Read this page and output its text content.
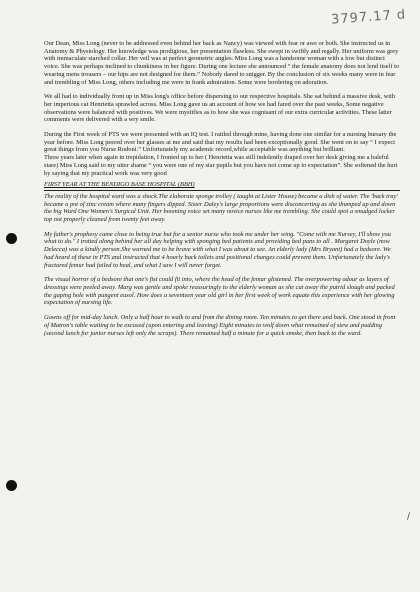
3797.17 d

Our Dean, Miss Long (never to be addressed even behind her back as Nancy) was viewed with fear or awe or both. She instructed us in Anatomy & Physiology. Her knowledge was prodigious, her presentation flawless. She swept in swiftly and regally. Her uniform was grey with immaculate starched collar. Her veil was at perfect geometric angles. Miss Long was a handsome woman with a low but distinct voice. She was perhaps inclined to chunkiness in her figure. During one lecture she announced “ the female anatomy does not lend itself to wearing mens trousers – our hips are not designed for them.” Nobody dared to snigger. By the conclusion of six weeks many were in fear and trembling of Miss Long, others including me were in frank admiration. Some were bordering on adoration.

We all had to individually front up in Miss long's office before dispersing to our respective hospitals. She sat behind a massive desk, with her imperious cat Henrietta sprawled across. Miss Long gave us an account of how we had fared over the past weeks, Some negative observations were balanced with positives. We were mystifies as to how she was cognisant of our extra curricular activities. These latter comments were delivered with a wry smile.

During the First week of PTS we were presented with an IQ test. I rattled through mine, having done one similar for a nursing bursary the year before. Miss Long peered over her glasses at me and said that my results had been exceptionally good. She went on to say “ I expect great things from you Nurse Rodoni.” Unfortunately my academic record,while acceptable was anything but brilliant.

Three years later when again in trepidation, I fronted up to her ( Henrietta was still indolently draped over her desk giving me a baleful stare) Miss Long said to my utter shame “ you were one of my star pupils but you have not come up to expectation”. She softened the hurt by saying that my practical work was very good

FIRST YEAR AT THE BENDIGO BASE HOSPITAL (BBH)

The reality of the hospital ward was a shock.The elaborate sponge trolley ( taught at Lister House) became a dish of water. The 'back tray' became a pot of zinc cream where many fingers dipped. Sister Daley's large proportions were disconcerting as she thumped up and down the big Ward One Women's Surgical Unit. Her booming voice set many novice nurses like me trembling. She could spot a smudged locker top not properly cleaned from twenty feet away.

My father's prophesy came close to being true but for a senior nurse who took me under her wing. "Come with me Nursey, I'll show you what to do." I trotted along behind her all day helping with sponging bed patients and providing bed pans to all . Margaret Doyle (now Delecca) was a kindly person.She warned me to be brave with what I was about to see. An elderly lady (Mrs Bryant) had a bedsore. We had heard of these in PTS and instructed that 4 hourly back toilets and positional changes could prevent them. Unfortunately the lady's fractured femur had failed to heal, and what I saw I will never forget.

The visual horror of a bedsore that one's fist could fit into, where the head of the femur glistened. The overpowering odour as layers of dressings were peeled away. Marg was gentle and spoke reassuringly to the elderly woman as she cut away the putrid slough and packed the gaping hole with pungent eusol. How does a seventeen year old girl in her first week of work equate this experience with her glowing expectation of nursing life.

Gowns off for mid-day lunch. Only a half hour to walk to and from the dining room. Ten minutes to get there and back. One stood in front of Matron's table waiting to be excused (upon entering and leaving) Eight minutes to wolf down what remained of stew and pudding (second lunch for junior nurses left only the scraps). There remained half a minute for a quick smoke, then back to the ward.

/
